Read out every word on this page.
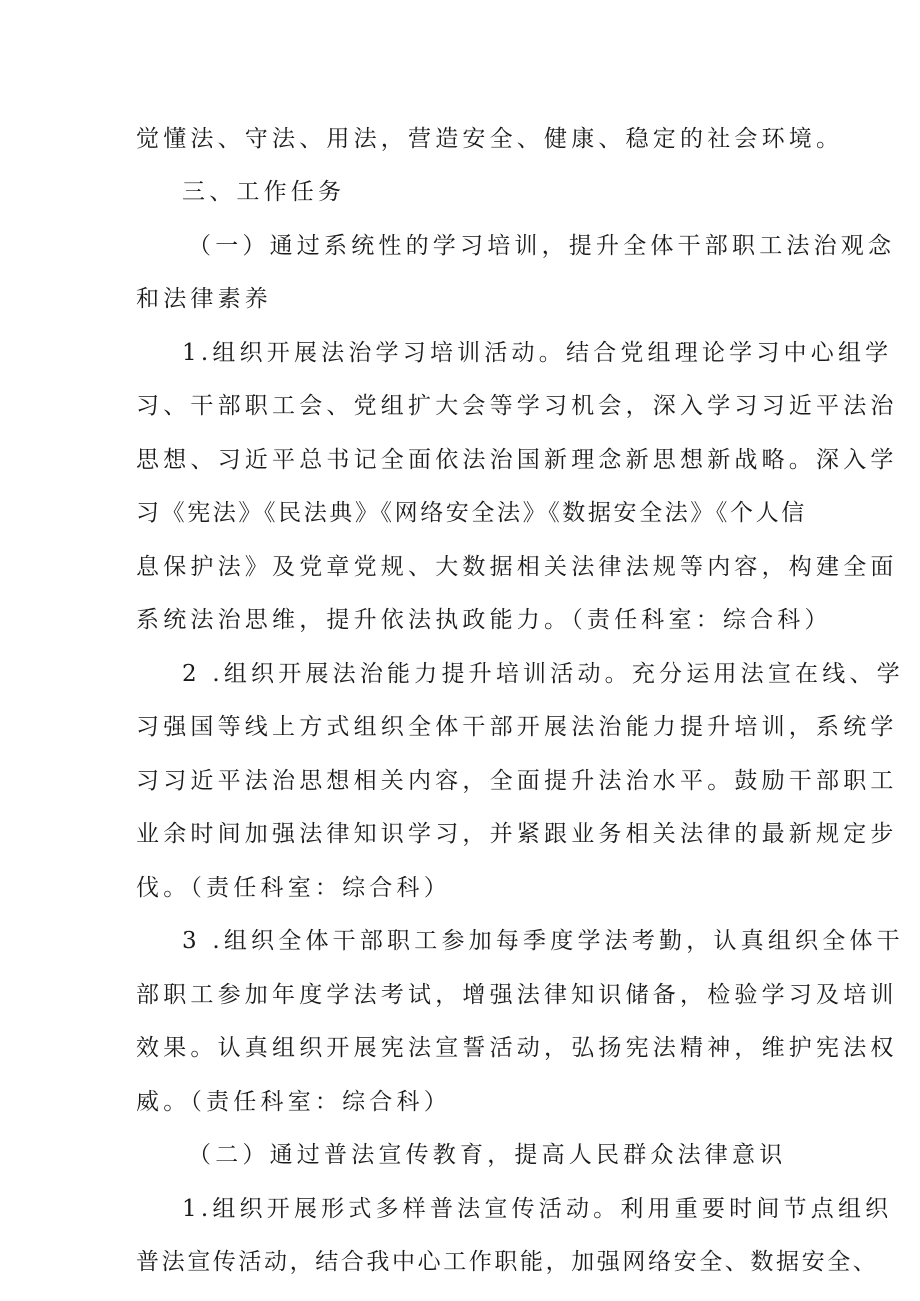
觉懂法、守法、用法，营造安全、健康、稳定的社会环境。

三、工作任务

（一）通过系统性的学习培训，提升全体干部职工法治观念

和法律素养

1.组织开展法治学习培训活动。结合党组理论学习中心组学

习、干部职工会、党组扩大会等学习机会，深入学习习近平法治

思想、习近平总书记全面依法治国新理念新思想新战略。深入学

习《宪法》《民法典》《网络安全法》《数据安全法》《个人信

息保护法》及党章党规、大数据相关法律法规等内容，构建全面

系统法治思维，提升依法执政能力。（责任科室：综合科）

2 .组织开展法治能力提升培训活动。充分运用法宣在线、学

习强国等线上方式组织全体干部开展法治能力提升培训，系统学

习习近平法治思想相关内容，全面提升法治水平。鼓励干部职工

业余时间加强法律知识学习，并紧跟业务相关法律的最新规定步

伐。（责任科室：综合科）

3 .组织全体干部职工参加每季度学法考勤，认真组织全体干

部职工参加年度学法考试，增强法律知识储备，检验学习及培训

效果。认真组织开展宪法宣誓活动，弘扬宪法精神，维护宪法权

威。（责任科室：综合科）

（二）通过普法宣传教育，提高人民群众法律意识

1.组织开展形式多样普法宣传活动。利用重要时间节点组织

普法宣传活动，结合我中心工作职能，加强网络安全、数据安全、
